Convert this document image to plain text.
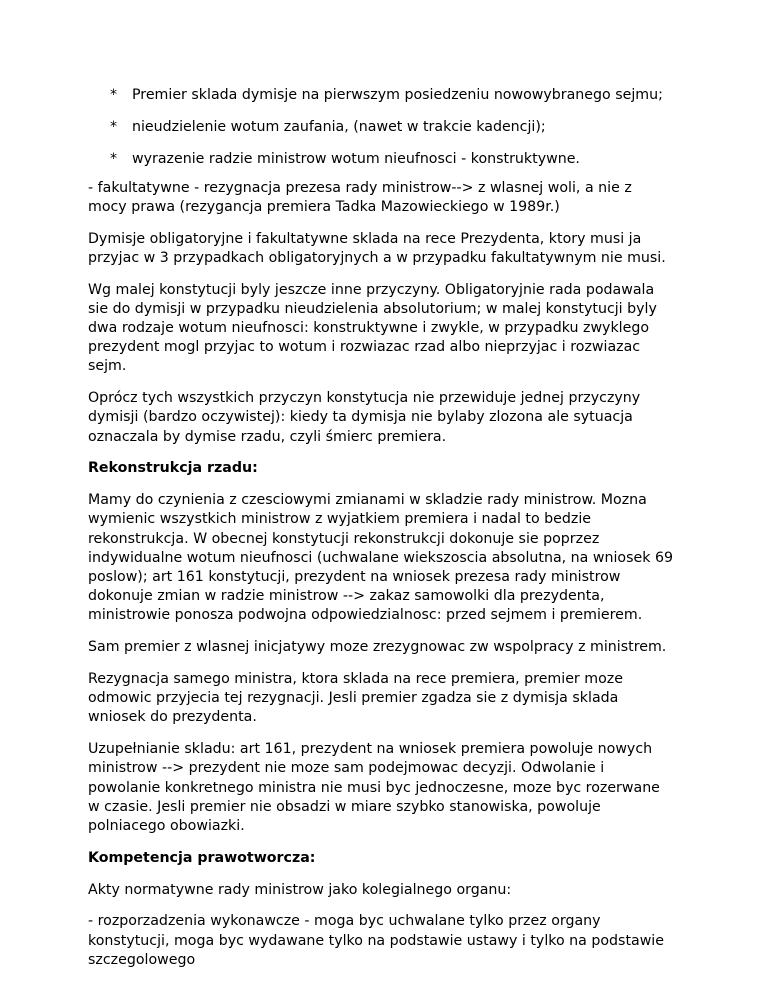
* Premier sklada dymisje na pierwszym posiedzeniu nowowybranego sejmu;
* nieudzielenie wotum zaufania, (nawet w trakcie kadencji);
* wyrazenie radzie ministrow wotum nieufnosci - konstruktywne.

- fakultatywne - rezygnacja prezesa rady ministrow--> z wlasnej woli, a nie z mocy prawa (rezygancja premiera Tadka Mazowieckiego w 1989r.)

Dymisje obligatoryjne i fakultatywne sklada na rece Prezydenta, ktory musi ja przyjac w 3 przypadkach obligatoryjnych a w przypadku fakultatywnym nie musi.

Wg malej konstytucji byly jeszcze inne przyczyny. Obligatoryjnie rada podawala sie do dymisji w przypadku nieudzielenia absolutorium; w malej konstytucji byly dwa rodzaje wotum nieufnosci: konstruktywne i zwykle, w przypadku zwyklego prezydent mogl przyjac to wotum i rozwiazac rzad albo nieprzyjac i rozwiazac sejm.

Oprócz tych wszystkich przyczyn konstytucja nie przewiduje jednej przyczyny dymisji (bardzo oczywistej): kiedy ta dymisja nie bylaby zlozona ale sytuacja oznaczala by dymise rzadu, czyli śmierc premiera.

Rekonstrukcja rzadu:

Mamy do czynienia z czesciowymi zmianami w skladzie rady ministrow. Mozna wymienic wszystkich ministrow z wyjatkiem premiera i nadal to bedzie rekonstrukcja. W obecnej konstytucji rekonstrukcji dokonuje sie poprzez indywidualne wotum nieufnosci (uchwalane wiekszoscia absolutna, na wniosek 69 poslow); art 161 konstytucji, prezydent na wniosek prezesa rady ministrow dokonuje zmian w radzie ministrow --> zakaz samowolki dla prezydenta, ministrowie ponosza podwojna odpowiedzialnosc: przed sejmem i premierem.

Sam premier z wlasnej inicjatywy moze zrezygnowac zw wspolpracy z ministrem.

Rezygnacja samego ministra, ktora sklada na rece premiera, premier moze odmowic przyjecia tej rezygnacji. Jesli premier zgadza sie z dymisja sklada wniosek do prezydenta.

Uzupełnianie skladu: art 161, prezydent na wniosek premiera powoluje nowych ministrow --> prezydent nie moze sam podejmowac decyzji. Odwolanie i powolanie konkretnego ministra nie musi byc jednoczesne, moze byc rozerwane w czasie. Jesli premier nie obsadzi w miare szybko stanowiska, powoluje polniacego obowiazki.

Kompetencja prawotworcza:

Akty normatywne rady ministrow jako kolegialnego organu:

- rozporzadzenia wykonawcze - moga byc uchwalane tylko przez organy konstytucji, moga byc wydawane tylko na podstawie ustawy i tylko na podstawie szczegolowego
